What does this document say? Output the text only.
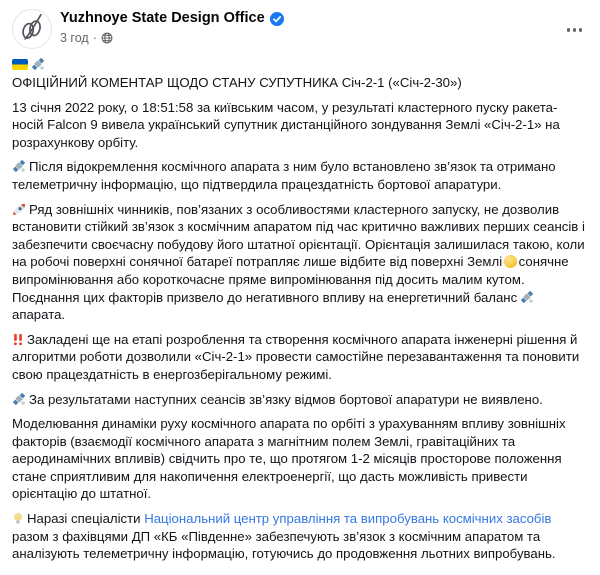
Yuzhnoye State Design Office
3 год ·
ОФІЦІЙНИЙ КОМЕНТАР ЩОДО СТАНУ СУПУТНИКА Січ-2-1 («Січ-2-30»)
13 січня 2022 року, о 18:51:58 за київським часом, у результаті кластерного пуску ракета-носій Falcon 9 вивела український супутник дистанційного зондування Землі «Січ-2-1» на розрахункову орбіту.
Після відокремлення космічного апарата з ним було встановлено зв’язок та отримано телеметричну інформацію, що підтвердила працездатність бортової апаратури.
Ряд зовнішніх чинників, пов’язаних з особливостями кластерного запуску, не дозволив встановити стійкий зв’язок з космічним апаратом під час критично важливих перших сеансів і забезпечити своєчасну побудову його штатної орієнтації. Орієнтація залишилася такою, коли на робочі поверхні сонячної батареї потрапляє лише відбите від поверхні Землі сонячне випромінювання або короткочасне пряме випромінювання під досить малим кутом. Поєднання цих факторів призвело до негативного впливу на енергетичний балансапарата.
Закладені ще на етапі розроблення та створення космічного апарата інженерні рішення й алгоритми роботи дозволили «Січ-2-1» провести самостійне перезавантаження та поновити свою працездатність в енергозберігальному режимі.
За результатами наступних сеансів зв’язку відмов бортової апаратури не виявлено.
Моделювання динаміки руху космічного апарата по орбіті з урахуванням впливу зовнішніх факторів (взаємодії космічного апарата з магнітним полем Землі, гравітаційних та аеродинамічних впливів) свідчить про те, що протягом 1-2 місяців просторове положення стане сприятливим для накопичення електроенергії, що дасть можливість привести орієнтацію до штатної.
Наразі спеціалісти Національний центр управління та випробувань космічних засобів разом з фахівцями ДП «КБ «Південне» забезпечують зв’язок з космічним апаратом та аналізують телеметричну інформацію, готуючись до продовження льотних випробувань.
